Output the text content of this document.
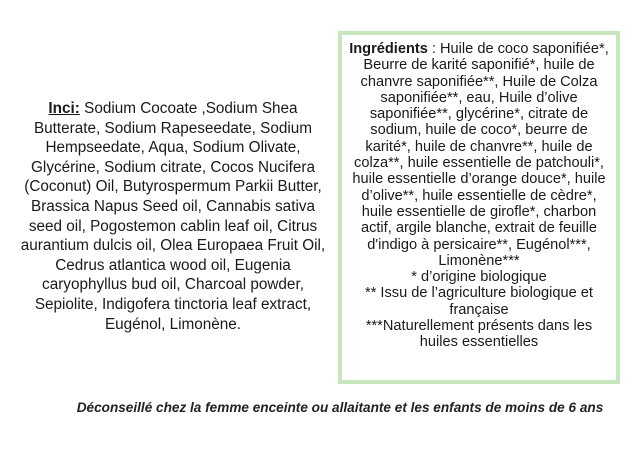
Inci: Sodium Cocoate ,Sodium Shea Butterate, Sodium Rapeseedate, Sodium Hempseedate, Aqua, Sodium Olivate, Glycérine, Sodium citrate, Cocos Nucifera (Coconut) Oil, Butyrospermum Parkii Butter, Brassica Napus Seed oil, Cannabis sativa seed oil, Pogostemon cablin leaf oil, Citrus aurantium dulcis oil, Olea Europaea Fruit Oil, Cedrus atlantica wood oil, Eugenia caryophyllus bud oil, Charcoal powder, Sepiolite, Indigofera tinctoria leaf extract, Eugénol, Limonène.
Ingrédients : Huile de coco saponifiée*, Beurre de karité saponifié*, huile de chanvre saponifiée**, Huile de Colza saponifiée**, eau, Huile d’olive saponifiée**, glycérine*, citrate de sodium, huile de coco*, beurre de karité*, huile de chanvre**, huile de colza**, huile essentielle de patchouli*, huile essentielle d’orange douce*, huile d’olive**, huile essentielle de cèdre*, huile essentielle de girofle*, charbon actif, argile blanche, extrait de feuille d'indigo à persicaire**, Eugénol***, Limonène***
* d’origine biologique
** Issu de l’agriculture biologique et française
***Naturellement présents dans les huiles essentielles
Déconseillé chez la femme enceinte ou allaitante et les enfants de moins de 6 ans
